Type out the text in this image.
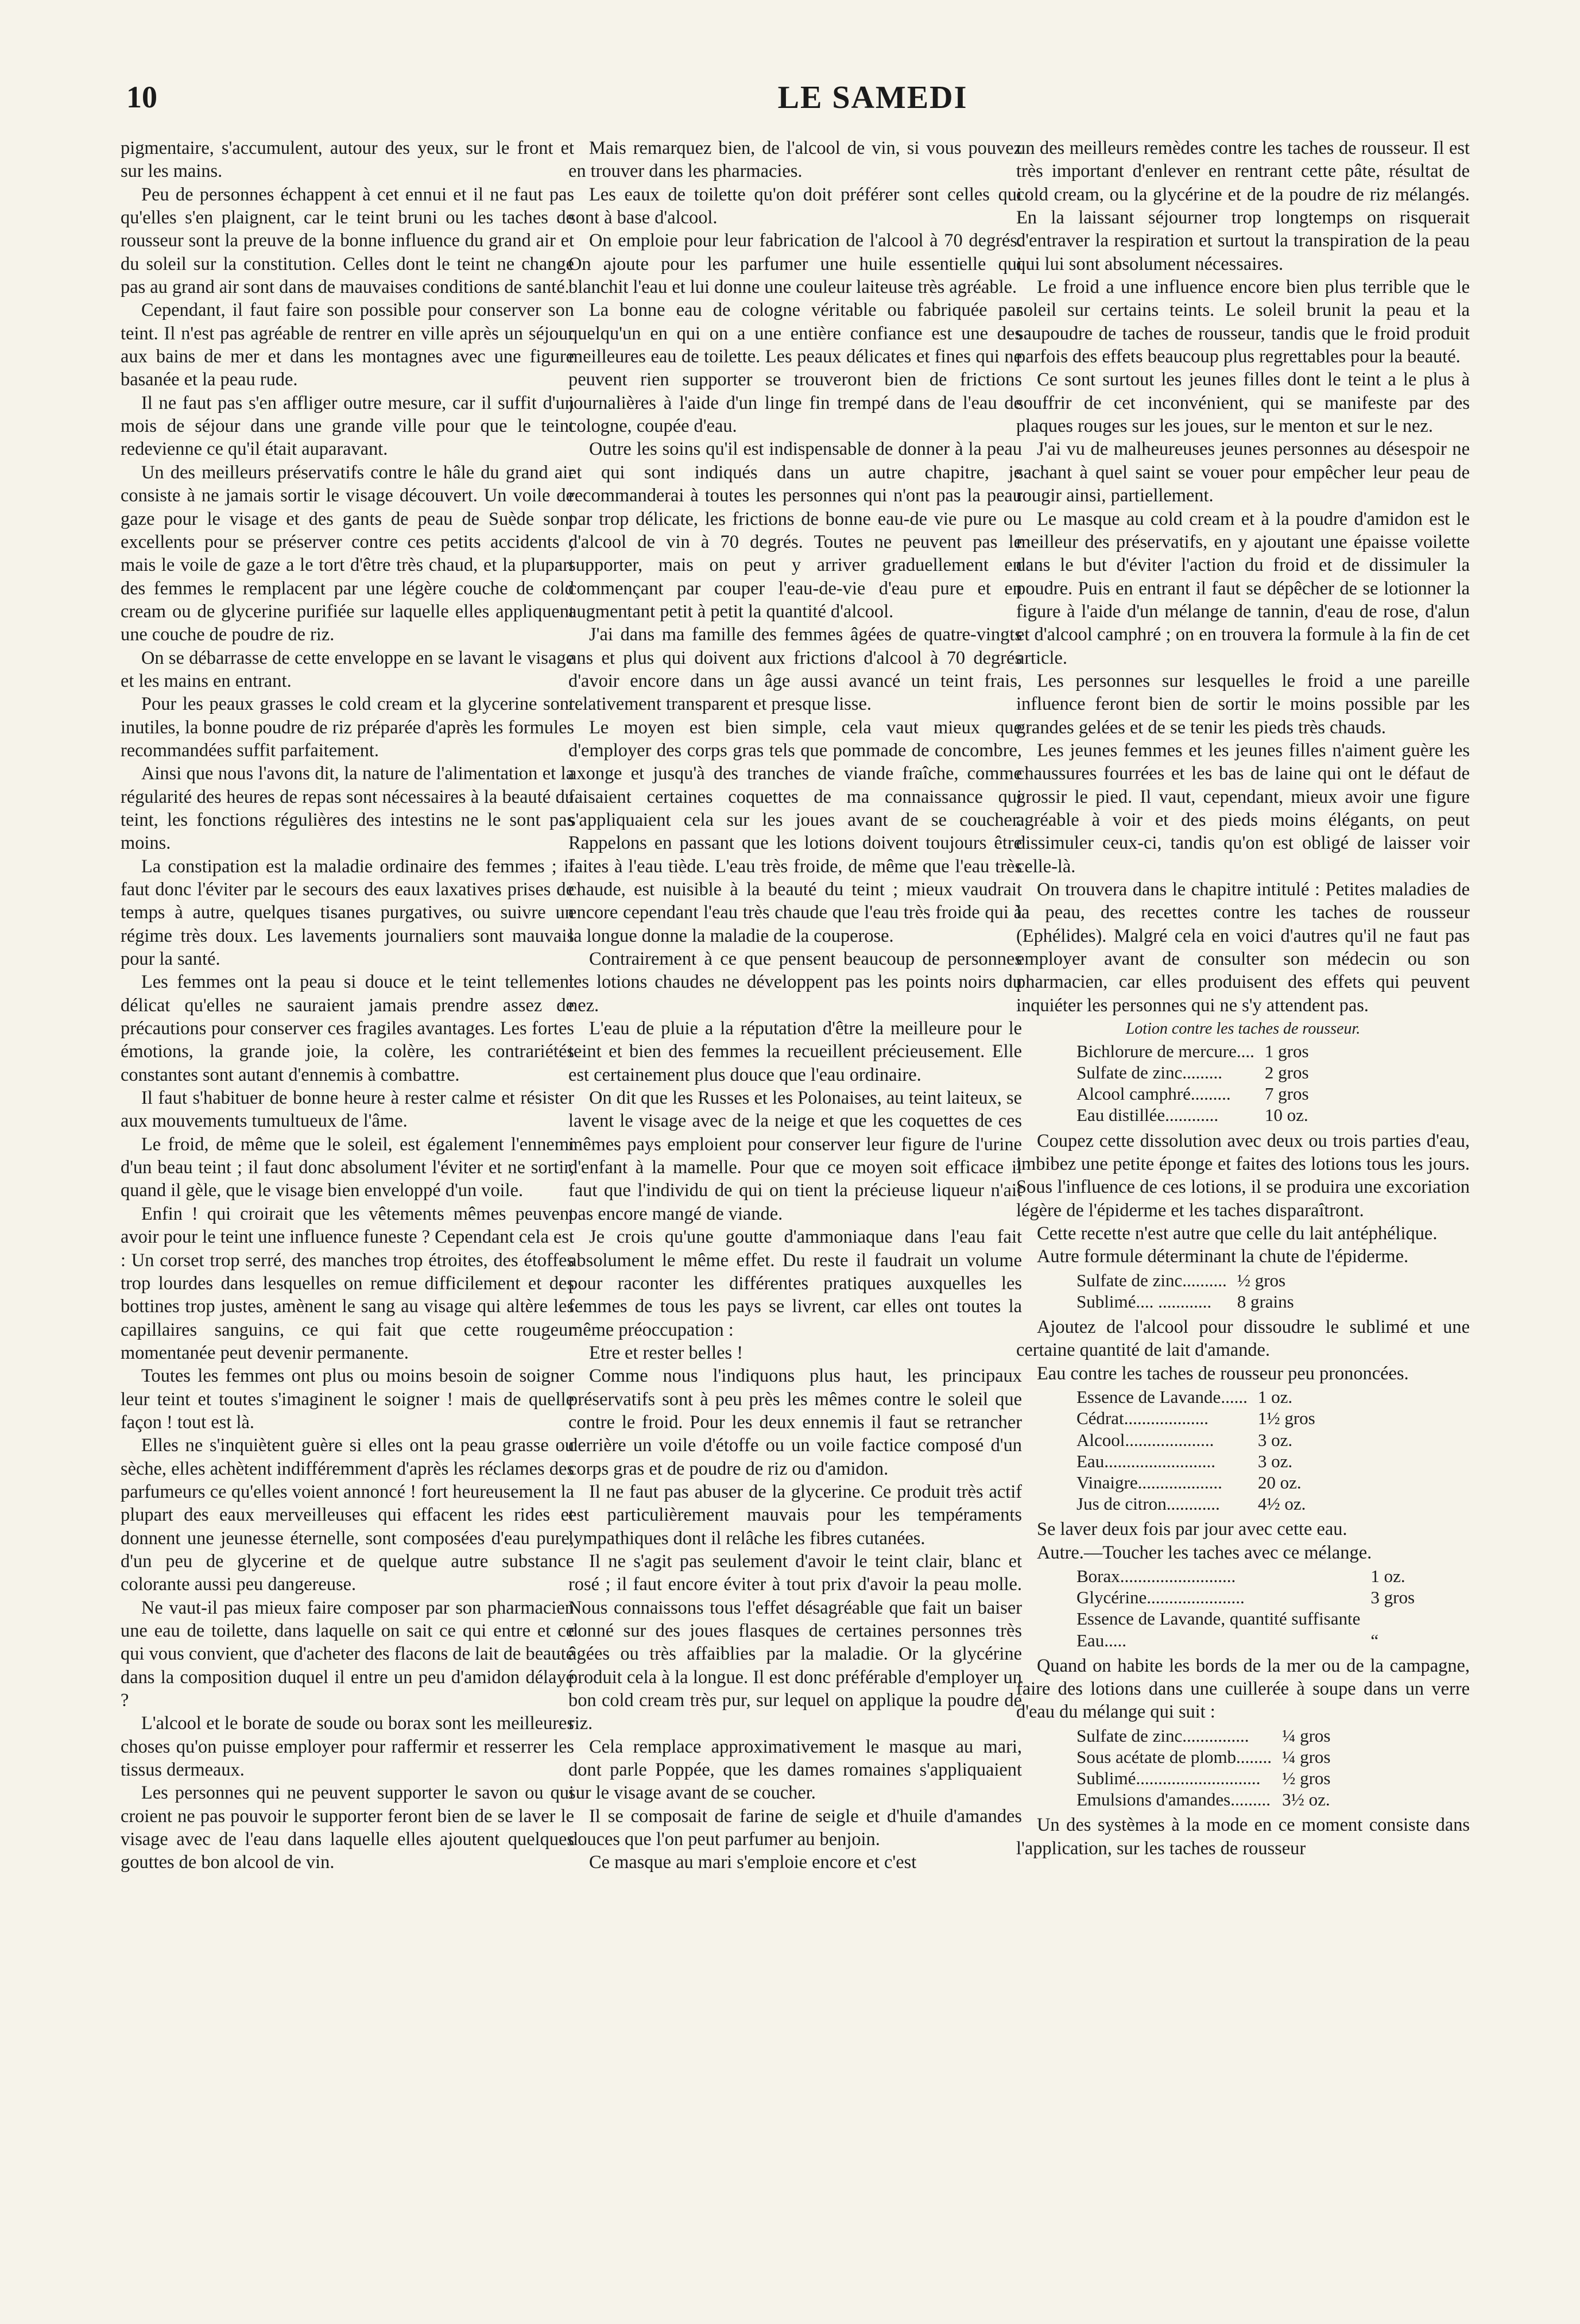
10	LE SAMEDI

pigmentaire, s'accumulent, autour des yeux, sur le front et sur les mains.

Peu de personnes échappent à cet ennui et il ne faut pas qu'elles s'en plaignent, car le teint bruni ou les taches de rousseur sont la preuve de la bonne influence du grand air et du soleil sur la constitution. Celles dont le teint ne change pas au grand air sont dans de mauvaises conditions de santé.

Cependant, il faut faire son possible pour conserver son teint. Il n'est pas agréable de rentrer en ville après un séjour aux bains de mer et dans les montagnes avec une figure basanée et la peau rude.

Il ne faut pas s'en affliger outre mesure, car il suffit d'un mois de séjour dans une grande ville pour que le teint redevienne ce qu'il était auparavant.

Un des meilleurs préservatifs contre le hâle du grand air consiste à ne jamais sortir le visage découvert. Un voile de gaze pour le visage et des gants de peau de Suède sont excellents pour se préserver contre ces petits accidents ; mais le voile de gaze a le tort d'être très chaud, et la plupart des femmes le remplacent par une légère couche de cold cream ou de glycerine purifiée sur laquelle elles appliquent une couche de poudre de riz.

On se débarrasse de cette enveloppe en se lavant le visage et les mains en entrant.

Pour les peaux grasses le cold cream et la glycerine sont inutiles, la bonne poudre de riz préparée d'après les formules recommandées suffit parfaitement.

Ainsi que nous l'avons dit, la nature de l'alimentation et la régularité des heures de repas sont nécessaires à la beauté du teint, les fonctions régulières des intestins ne le sont pas moins.

La constipation est la maladie ordinaire des femmes ; il faut donc l'éviter par le secours des eaux laxatives prises de temps à autre, quelques tisanes purgatives, ou suivre un régime très doux. Les lavements journaliers sont mauvais pour la santé.

Les femmes ont la peau si douce et le teint tellement délicat qu'elles ne sauraient jamais prendre assez de précautions pour conserver ces fragiles avantages. Les fortes émotions, la grande joie, la colère, les contrariétés constantes sont autant d'ennemis à combattre.

Il faut s'habituer de bonne heure à rester calme et résister aux mouvements tumultueux de l'âme.

Le froid, de même que le soleil, est également l'ennemi d'un beau teint ; il faut donc absolument l'éviter et ne sortir, quand il gèle, que le visage bien enveloppé d'un voile.

Enfin ! qui croirait que les vêtements mêmes peuvent avoir pour le teint une influence funeste ? Cependant cela est : Un corset trop serré, des manches trop étroites, des étoffes trop lourdes dans lesquelles on remue difficilement et des bottines trop justes, amènent le sang au visage qui altère les capillaires sanguins, ce qui fait que cette rougeur momentanée peut devenir permanente.

Toutes les femmes ont plus ou moins besoin de soigner leur teint et toutes s'imaginent le soigner ! mais de quelle façon ! tout est là.

Elles ne s'inquiètent guère si elles ont la peau grasse ou sèche, elles achètent indifféremment d'après les réclames des parfumeurs ce qu'elles voient annoncé ! fort heureusement la plupart des eaux merveilleuses qui effacent les rides et donnent une jeunesse éternelle, sont composées d'eau pure, d'un peu de glycerine et de quelque autre substance colorante aussi peu dangereuse.

Ne vaut-il pas mieux faire composer par son pharmacien une eau de toilette, dans laquelle on sait ce qui entre et ce qui vous convient, que d'acheter des flacons de lait de beauté dans la composition duquel il entre un peu d'amidon délayé ?

L'alcool et le borate de soude ou borax sont les meilleures choses qu'on puisse employer pour raffermir et resserrer les tissus dermeaux.

Les personnes qui ne peuvent supporter le savon ou qui croient ne pas pouvoir le supporter feront bien de se laver le visage avec de l'eau dans laquelle elles ajoutent quelques gouttes de bon alcool de vin.

Mais remarquez bien, de l'alcool de vin, si vous pouvez en trouver dans les pharmacies.

Les eaux de toilette qu'on doit préférer sont celles qui sont à base d'alcool.

On emploie pour leur fabrication de l'alcool à 70 degrés. On ajoute pour les parfumer une huile essentielle qui blanchit l'eau et lui donne une couleur laiteuse très agréable.

La bonne eau de cologne véritable ou fabriquée par quelqu'un en qui on a une entière confiance est une des meilleures eau de toilette. Les peaux délicates et fines qui ne peuvent rien supporter se trouveront bien de frictions journalières à l'aide d'un linge fin trempé dans de l'eau de cologne, coupée d'eau.

Outre les soins qu'il est indispensable de donner à la peau et qui sont indiqués dans un autre chapitre, je recommanderai à toutes les personnes qui n'ont pas la peau par trop délicate, les frictions de bonne eau-de vie pure ou d'alcool de vin à 70 degrés. Toutes ne peuvent pas le supporter, mais on peut y arriver graduellement en commençant par couper l'eau-de-vie d'eau pure et en augmentant petit à petit la quantité d'alcool.

J'ai dans ma famille des femmes âgées de quatre-vingts ans et plus qui doivent aux frictions d'alcool à 70 degrés d'avoir encore dans un âge aussi avancé un teint frais, relativement transparent et presque lisse.

Le moyen est bien simple, cela vaut mieux que d'employer des corps gras tels que pommade de concombre, axonge et jusqu'à des tranches de viande fraîche, comme faisaient certaines coquettes de ma connaissance qui s'appliquaient cela sur les joues avant de se coucher. Rappelons en passant que les lotions doivent toujours être faites à l'eau tiède. L'eau très froide, de même que l'eau très chaude, est nuisible à la beauté du teint ; mieux vaudrait encore cependant l'eau très chaude que l'eau très froide qui à la longue donne la maladie de la couperose.

Contrairement à ce que pensent beaucoup de personnes les lotions chaudes ne développent pas les points noirs du nez.

L'eau de pluie a la réputation d'être la meilleure pour le teint et bien des femmes la recueillent précieusement. Elle est certainement plus douce que l'eau ordinaire.

On dit que les Russes et les Polonaises, au teint laiteux, se lavent le visage avec de la neige et que les coquettes de ces mêmes pays emploient pour conserver leur figure de l'urine d'enfant à la mamelle. Pour que ce moyen soit efficace il faut que l'individu de qui on tient la précieuse liqueur n'ait pas encore mangé de viande.

Je crois qu'une goutte d'ammoniaque dans l'eau fait absolument le même effet. Du reste il faudrait un volume pour raconter les différentes pratiques auxquelles les femmes de tous les pays se livrent, car elles ont toutes la même préoccupation :

Etre et rester belles !

Comme nous l'indiquons plus haut, les principaux préservatifs sont à peu près les mêmes contre le soleil que contre le froid. Pour les deux ennemis il faut se retrancher derrière un voile d'étoffe ou un voile factice composé d'un corps gras et de poudre de riz ou d'amidon.

Il ne faut pas abuser de la glycerine. Ce produit très actif est particulièrement mauvais pour les tempéraments lympathiques dont il relâche les fibres cutanées.

Il ne s'agit pas seulement d'avoir le teint clair, blanc et rosé ; il faut encore éviter à tout prix d'avoir la peau molle. Nous connaissons tous l'effet désagréable que fait un baiser donné sur des joues flasques de certaines personnes très âgées ou très affaiblies par la maladie. Or la glycérine produit cela à la longue. Il est donc préférable d'employer un bon cold cream très pur, sur lequel on applique la poudre de riz.

Cela remplace approximativement le masque au mari, dont parle Poppée, que les dames romaines s'appliquaient sur le visage avant de se coucher.

Il se composait de farine de seigle et d'huile d'amandes douces que l'on peut parfumer au benjoin.

Ce masque au mari s'emploie encore et c'est

un des meilleurs remèdes contre les taches de rousseur. Il est très important d'enlever en rentrant cette pâte, résultat de cold cream, ou la glycérine et de la poudre de riz mélangés. En la laissant séjourner trop longtemps on risquerait d'entraver la respiration et surtout la transpiration de la peau qui lui sont absolument nécessaires.

Le froid a une influence encore bien plus terrible que le soleil sur certains teints. Le soleil brunit la peau et la saupoudre de taches de rousseur, tandis que le froid produit parfois des effets beaucoup plus regrettables pour la beauté.

Ce sont surtout les jeunes filles dont le teint a le plus à souffrir de cet inconvénient, qui se manifeste par des plaques rouges sur les joues, sur le menton et sur le nez.

J'ai vu de malheureuses jeunes personnes au désespoir ne sachant à quel saint se vouer pour empêcher leur peau de rougir ainsi, partiellement.

Le masque au cold cream et à la poudre d'amidon est le meilleur des préservatifs, en y ajoutant une épaisse voilette dans le but d'éviter l'action du froid et de dissimuler la poudre. Puis en entrant il faut se dépêcher de se lotionner la figure à l'aide d'un mélange de tannin, d'eau de rose, d'alun et d'alcool camphré ; on en trouvera la formule à la fin de cet article.

Les personnes sur lesquelles le froid a une pareille influence feront bien de sortir le moins possible par les grandes gelées et de se tenir les pieds très chauds.

Les jeunes femmes et les jeunes filles n'aiment guère les chaussures fourrées et les bas de laine qui ont le défaut de grossir le pied. Il vaut, cependant, mieux avoir une figure agréable à voir et des pieds moins élégants, on peut dissimuler ceux-ci, tandis qu'on est obligé de laisser voir celle-là.

On trouvera dans le chapitre intitulé : Petites maladies de la peau, des recettes contre les taches de rousseur (Ephélides). Malgré cela en voici d'autres qu'il ne faut pas employer avant de consulter son médecin ou son pharmacien, car elles produisent des effets qui peuvent inquiéter les personnes qui ne s'y attendent pas.

Lotion contre les taches de rousseur.
Bichlorure de mercure....	1 gros
Sulfate de zinc.........	2 gros
Alcool camphré.........	7 gros
Eau distillée............	10 oz.

Coupez cette dissolution avec deux ou trois parties d'eau, imbibez une petite éponge et faites des lotions tous les jours. Sous l'influence de ces lotions, il se produira une excoriation légère de l'épiderme et les taches disparaîtront.

Cette recette n'est autre que celle du lait antéphélique.

Autre formule déterminant la chute de l'épiderme.

Sulfate de zinc..........	½ gros
Sublimé.... ............	8 grains

Ajoutez de l'alcool pour dissoudre le sublimé et une certaine quantité de lait d'amande.

Eau contre les taches de rousseur peu prononcées.

Essence de Lavande......	1 oz.
Cédrat...................	1½ gros
Alcool....................	3 oz.
Eau.........................	3 oz.
Vinaigre...................	20 oz.
Jus de citron............	4½ oz.

Se laver deux fois par jour avec cette eau.

Autre.—Toucher les taches avec ce mélange.

Borax..........................	1 oz.
Glycérine......................	3 gros
Essence de Lavande, quantité suffisante	
Eau.....	“

Quand on habite les bords de la mer ou de la campagne, faire des lotions dans une cuillerée à soupe dans un verre d'eau du mélange qui suit :

Sulfate de zinc...............	¼ gros
Sous acétate de plomb........	¼ gros
Sublimé............................	½ gros
Emulsions d'amandes.........	3½ oz.

Un des systèmes à la mode en ce moment consiste dans l'application, sur les taches de rousseur
